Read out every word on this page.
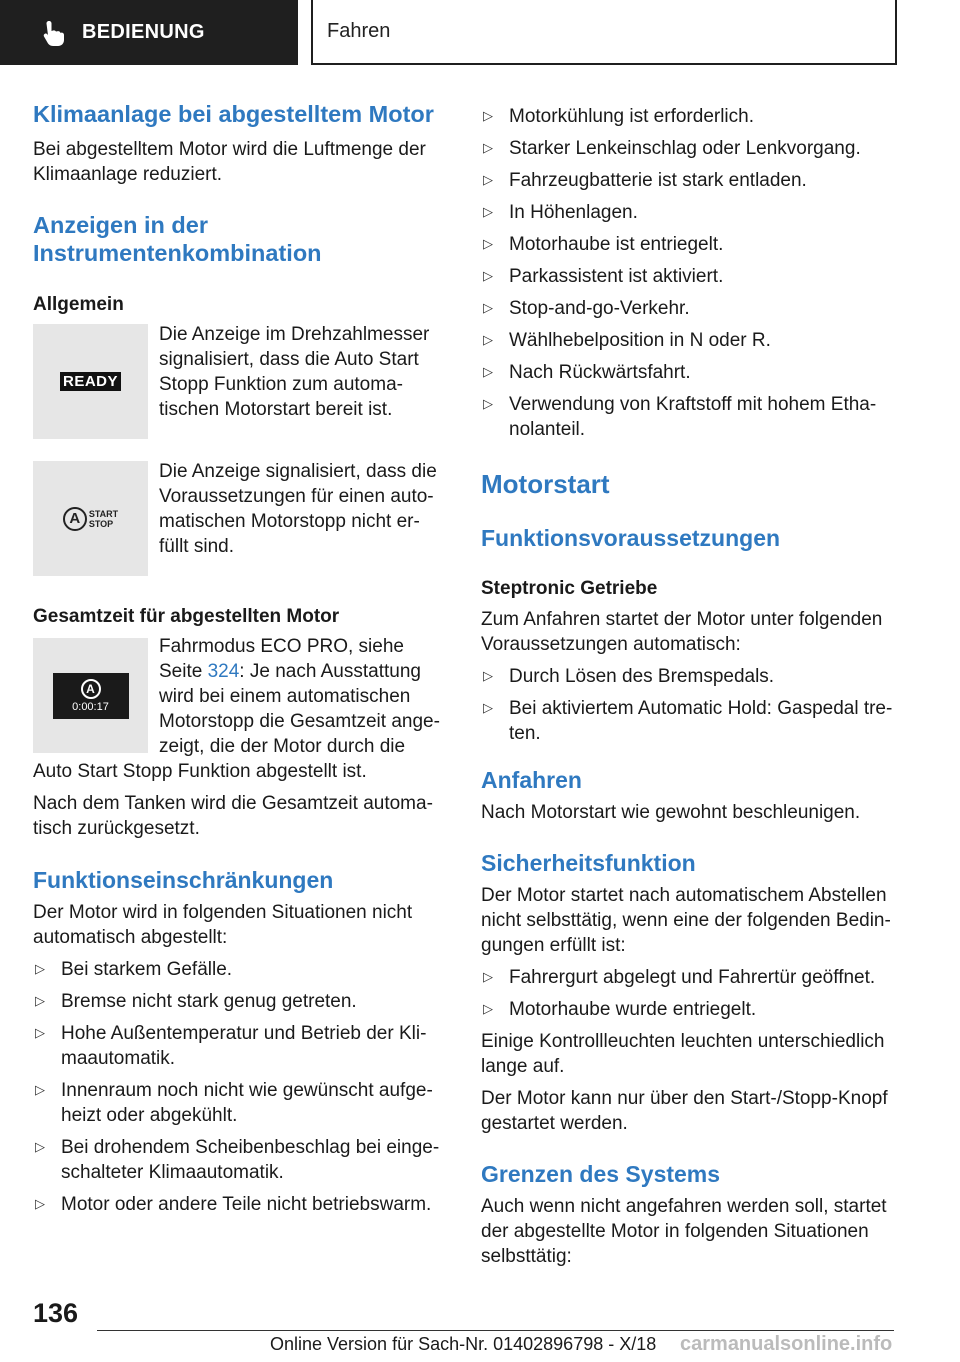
BEDIENUNG	Fahren
Klimaanlage bei abgestelltem Motor

Bei abgestelltem Motor wird die Luftmenge der Klimaanlage reduziert.

Anzeigen in der Instrumentenkombination
Allgemein
READY

Die Anzeige im Drehzahlmesser signalisiert, dass die Auto Start Stopp Funktion zum automa-tischen Motorstart bereit ist.

A START
STOP

Die Anzeige signalisiert, dass die Voraussetzungen für einen auto-matischen Motorstopp nicht er-füllt sind.

Gesamtzeit für abgestellten Motor
A
0:00:17

Fahrmodus ECO PRO, siehe Seite 324: Je nach Ausstattung wird bei einem automatischen Motorstopp die Gesamtzeit ange-zeigt, die der Motor durch die Auto Start Stopp Funktion abgestellt ist.

Nach dem Tanken wird die Gesamtzeit automa-tisch zurückgesetzt.

Funktionseinschränkungen

Der Motor wird in folgenden Situationen nicht automatisch abgestellt:

▷ Bei starkem Gefälle.
▷ Bremse nicht stark genug getreten.
▷ Hohe Außentemperatur und Betrieb der Kli-maautomatik.
▷ Innenraum noch nicht wie gewünscht aufge-heizt oder abgekühlt.
▷ Bei drohendem Scheibenbeschlag bei einge-schalteter Klimaautomatik.
▷ Motor oder andere Teile nicht betriebswarm.
▷ Motorkühlung ist erforderlich.
▷ Starker Lenkeinschlag oder Lenkvorgang.
▷ Fahrzeugbatterie ist stark entladen.
▷ In Höhenlagen.
▷ Motorhaube ist entriegelt.
▷ Parkassistent ist aktiviert.
▷ Stop-and-go-Verkehr.
▷ Wählhebelposition in N oder R.
▷ Nach Rückwärtsfahrt.
▷ Verwendung von Kraftstoff mit hohem Etha-nolanteil.
Motorstart
Funktionsvoraussetzungen
Steptronic Getriebe

Zum Anfahren startet der Motor unter folgenden Voraussetzungen automatisch:

▷ Durch Lösen des Bremspedals.
▷ Bei aktiviertem Automatic Hold: Gaspedal tre-ten.
Anfahren

Nach Motorstart wie gewohnt beschleunigen.

Sicherheitsfunktion

Der Motor startet nach automatischem Abstellen nicht selbsttätig, wenn eine der folgenden Bedin-gungen erfüllt ist:

▷ Fahrergurt abgelegt und Fahrertür geöffnet.
▷ Motorhaube wurde entriegelt.

Einige Kontrollleuchten leuchten unterschiedlich lange auf.

Der Motor kann nur über den Start-/Stopp-Knopf gestartet werden.

Grenzen des Systems

Auch wenn nicht angefahren werden soll, startet der abgestellte Motor in folgenden Situationen selbsttätig:

136
Online Version für Sach-Nr. 01402896798 - X/18 carmanualsonline.info
